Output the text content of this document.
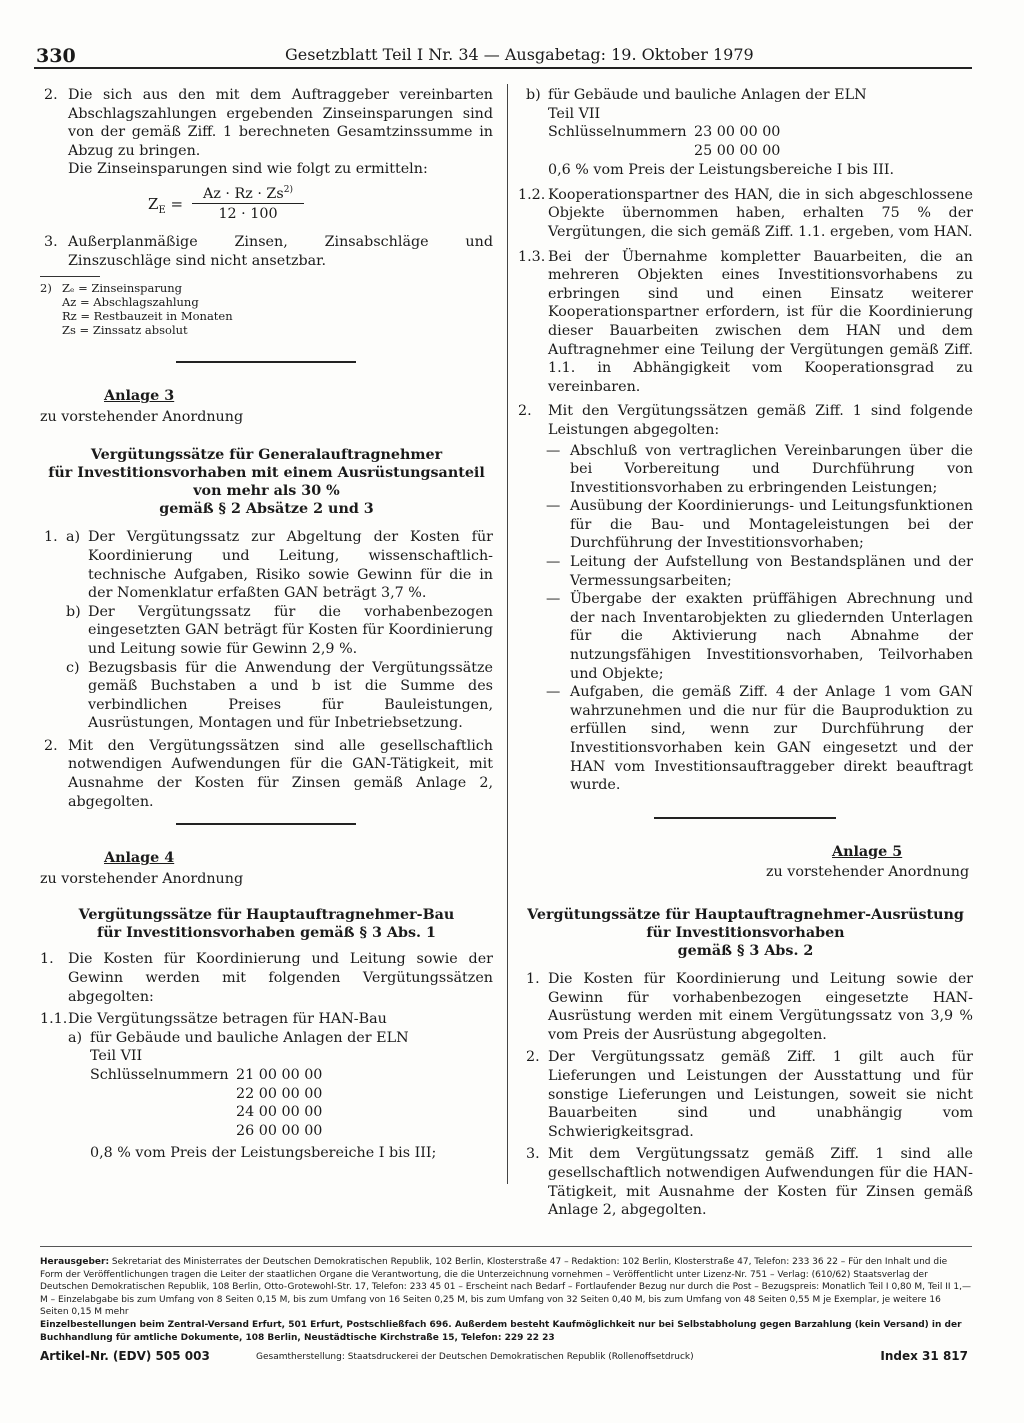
330	Gesetzblatt Teil I Nr. 34 — Ausgabetag: 19. Oktober 1979
2. Die sich aus den mit dem Auftraggeber vereinbarten Abschlagszahlungen ergebenden Zinseinsparungen sind von der gemäß Ziff. 1 berechneten Gesamtzinssumme in Abzug zu bringen.
Die Zinseinsparungen sind wie folgt zu ermitteln:
$Z_E$ =
$Az \cdot Rz \cdot Zs^{2)}$
12 · 100
3. Außerplanmäßige Zinsen, Zinsabschläge und Zinszuschläge sind nicht ansetzbar.
2) Zₑ = Zinseinsparung
Az = Abschlagszahlung
Rz = Restbauzeit in Monaten
Zs = Zinssatz absolut
Anlage 3
zu vorstehender Anordnung
Vergütungssätze für Generalauftragnehmer
für Investitionsvorhaben mit einem Ausrüstungsanteil
von mehr als 30 %
gemäß § 2 Absätze 2 und 3
1. a) Der Vergütungssatz zur Abgeltung der Kosten für Koordinierung und Leitung, wissenschaftlich-technische Aufgaben, Risiko sowie Gewinn für die in der Nomenklatur erfaßten GAN beträgt 3,7 %.
b) Der Vergütungssatz für die vorhabenbezogen eingesetzten GAN beträgt für Kosten für Koordinierung und Leitung sowie für Gewinn 2,9 %.
c) Bezugsbasis für die Anwendung der Vergütungssätze gemäß Buchstaben a und b ist die Summe des verbindlichen Preises für Bauleistungen, Ausrüstungen, Montagen und für Inbetriebsetzung.
2. Mit den Vergütungssätzen sind alle gesellschaftlich notwendigen Aufwendungen für die GAN-Tätigkeit, mit Ausnahme der Kosten für Zinsen gemäß Anlage 2, abgegolten.
Anlage 4
zu vorstehender Anordnung
Vergütungssätze für Hauptauftragnehmer-Bau
für Investitionsvorhaben gemäß § 3 Abs. 1
1. Die Kosten für Koordinierung und Leitung sowie der Gewinn werden mit folgenden Vergütungssätzen abgegolten:
1.1. Die Vergütungssätze betragen für HAN-Bau
a) für Gebäude und bauliche Anlagen der ELN
Teil VII
Schlüsselnummern 21 00 00 00
22 00 00 00
24 00 00 00
26 00 00 00
0,8 % vom Preis der Leistungsbereiche I bis III;
b) für Gebäude und bauliche Anlagen der ELN
Teil VII
Schlüsselnummern 23 00 00 00
25 00 00 00
0,6 % vom Preis der Leistungsbereiche I bis III.
1.2. Kooperationspartner des HAN, die in sich abgeschlossene Objekte übernommen haben, erhalten 75 % der Vergütungen, die sich gemäß Ziff. 1.1. ergeben, vom HAN.
1.3. Bei der Übernahme kompletter Bauarbeiten, die an mehreren Objekten eines Investitionsvorhabens zu erbringen sind und einen Einsatz weiterer Kooperationspartner erfordern, ist für die Koordinierung dieser Bauarbeiten zwischen dem HAN und dem Auftragnehmer eine Teilung der Vergütungen gemäß Ziff. 1.1. in Abhängigkeit vom Kooperationsgrad zu vereinbaren.
2. Mit den Vergütungssätzen gemäß Ziff. 1 sind folgende Leistungen abgegolten:
— Abschluß von vertraglichen Vereinbarungen über die bei Vorbereitung und Durchführung von Investitionsvorhaben zu erbringenden Leistungen;
— Ausübung der Koordinierungs- und Leitungsfunktionen für die Bau- und Montageleistungen bei der Durchführung der Investitionsvorhaben;
— Leitung der Aufstellung von Bestandsplänen und der Vermessungsarbeiten;
— Übergabe der exakten prüffähigen Abrechnung und der nach Inventarobjekten zu gliedernden Unterlagen für die Aktivierung nach Abnahme der nutzungsfähigen Investitionsvorhaben, Teilvorhaben und Objekte;
— Aufgaben, die gemäß Ziff. 4 der Anlage 1 vom GAN wahrzunehmen und die nur für die Bauproduktion zu erfüllen sind, wenn zur Durchführung der Investitionsvorhaben kein GAN eingesetzt und der HAN vom Investitionsauftraggeber direkt beauftragt wurde.
Anlage 5
zu vorstehender Anordnung
Vergütungssätze für Hauptauftragnehmer-Ausrüstung
für Investitionsvorhaben
gemäß § 3 Abs. 2
1. Die Kosten für Koordinierung und Leitung sowie der Gewinn für vorhabenbezogen eingesetzte HAN-Ausrüstung werden mit einem Vergütungssatz von 3,9 % vom Preis der Ausrüstung abgegolten.
2. Der Vergütungssatz gemäß Ziff. 1 gilt auch für Lieferungen und Leistungen der Ausstattung und für sonstige Lieferungen und Leistungen, soweit sie nicht Bauarbeiten sind und unabhängig vom Schwierigkeitsgrad.
3. Mit dem Vergütungssatz gemäß Ziff. 1 sind alle gesellschaftlich notwendigen Aufwendungen für die HAN-Tätigkeit, mit Ausnahme der Kosten für Zinsen gemäß Anlage 2, abgegolten.
Herausgeber: Sekretariat des Ministerrates der Deutschen Demokratischen Republik, 102 Berlin, Klosterstraße 47 – Redaktion: 102 Berlin, Klosterstraße 47, Telefon: 233 36 22 – Für den Inhalt und die Form der Veröffentlichungen tragen die Leiter der staatlichen Organe die Verantwortung, die die Unterzeichnung vornehmen – Veröffentlicht unter Lizenz-Nr. 751 – Verlag: (610/62) Staatsverlag der Deutschen Demokratischen Republik, 108 Berlin, Otto-Grotewohl-Str. 17, Telefon: 233 45 01 – Erscheint nach Bedarf – Fortlaufender Bezug nur durch die Post – Bezugspreis: Monatlich Teil I 0,80 M, Teil II 1,— M – Einzelabgabe bis zum Umfang von 8 Seiten 0,15 M, bis zum Umfang von 16 Seiten 0,25 M, bis zum Umfang von 32 Seiten 0,40 M, bis zum Umfang von 48 Seiten 0,55 M je Exemplar, je weitere 16 Seiten 0,15 M mehr
Einzelbestellungen beim Zentral-Versand Erfurt, 501 Erfurt, Postschließfach 696. Außerdem besteht Kaufmöglichkeit nur bei Selbstabholung gegen Barzahlung (kein Versand) in der Buchhandlung für amtliche Dokumente, 108 Berlin, Neustädtische Kirchstraße 15, Telefon: 229 22 23
Artikel-Nr. (EDV) 505 003	Gesamtherstellung: Staatsdruckerei der Deutschen Demokratischen Republik (Rollenoffsetdruck)	Index 31 817
